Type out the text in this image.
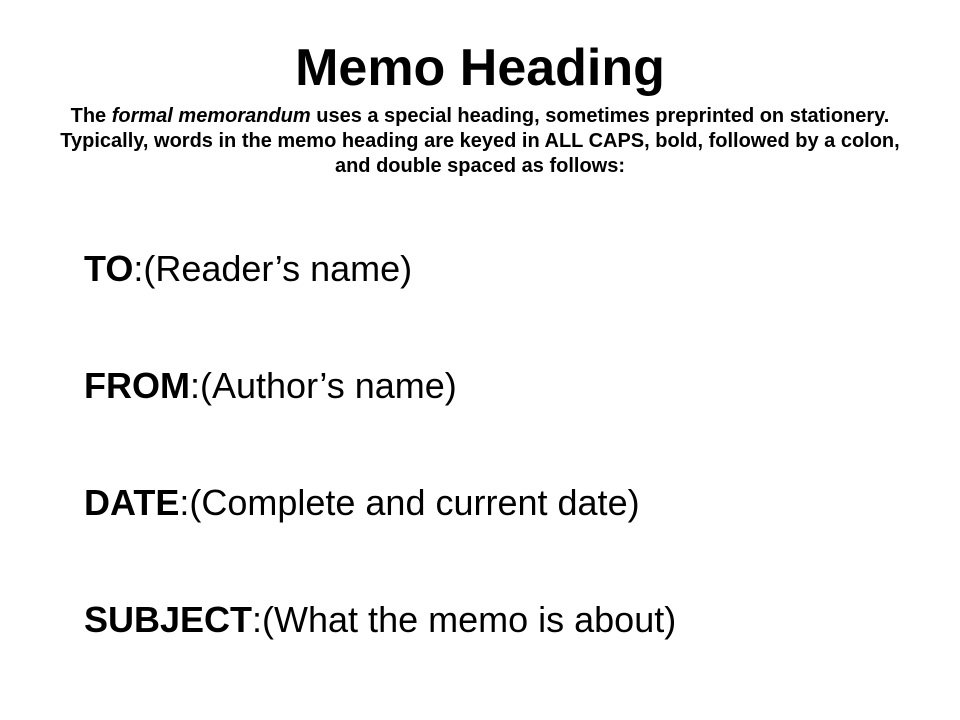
Memo Heading
The formal memorandum uses a special heading, sometimes preprinted on stationery. Typically, words in the memo heading are keyed in ALL CAPS, bold, followed by a colon, and double spaced as follows:
TO:(Reader’s name)
FROM:(Author’s name)
DATE:(Complete and current date)
SUBJECT:(What the memo is about)
